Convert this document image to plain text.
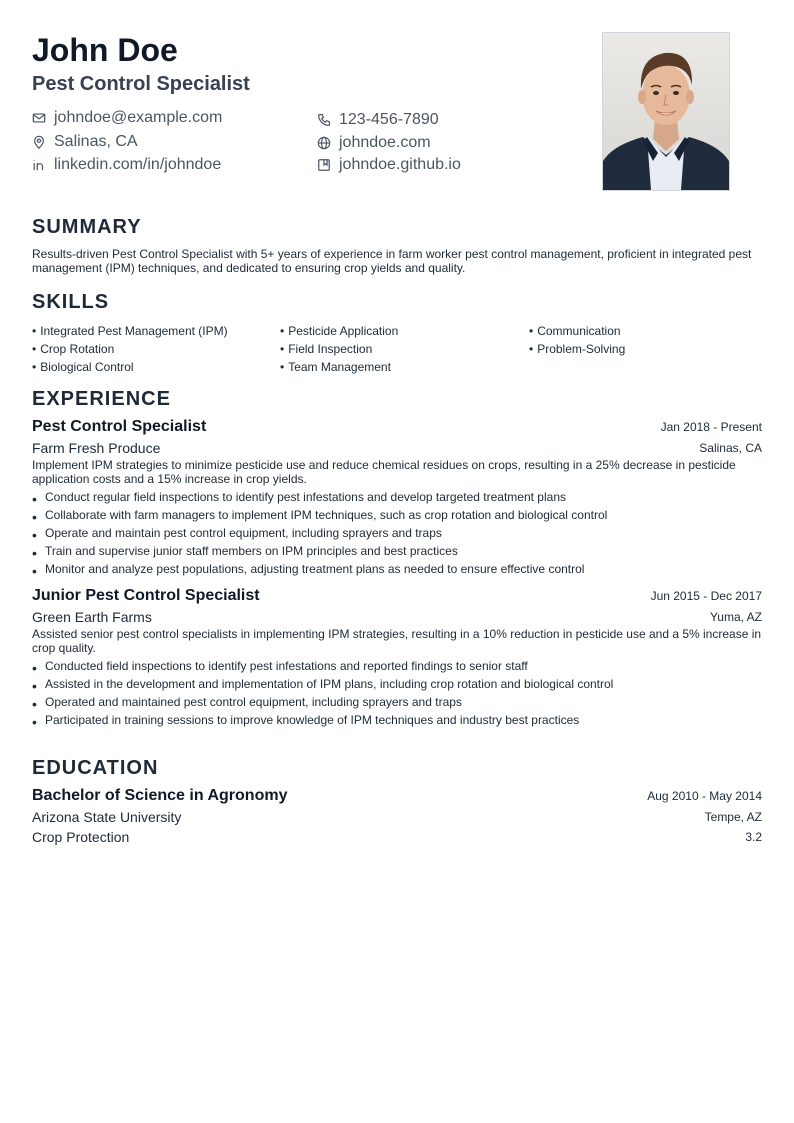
John Doe
Pest Control Specialist
johndoe@example.com	123-456-7890
Salinas, CA	johndoe.com
linkedin.com/in/johndoe	johndoe.github.io
SUMMARY

Results-driven Pest Control Specialist with 5+ years of experience in farm worker pest control management, proficient in integrated pest management (IPM) techniques, and dedicated to ensuring crop yields and quality.

SKILLS
• Integrated Pest Management (IPM)	• Pesticide Application	• Communication
• Crop Rotation	• Field Inspection	• Problem-Solving
• Biological Control	• Team Management
EXPERIENCE
Pest Control Specialist	Jan 2018 - Present
Farm Fresh Produce	Salinas, CA

Implement IPM strategies to minimize pesticide use and reduce chemical residues on crops, resulting in a 25% decrease in pesticide application costs and a 15% increase in crop yields.

• Conduct regular field inspections to identify pest infestations and develop targeted treatment plans
• Collaborate with farm managers to implement IPM techniques, such as crop rotation and biological control
• Operate and maintain pest control equipment, including sprayers and traps
• Train and supervise junior staff members on IPM principles and best practices
• Monitor and analyze pest populations, adjusting treatment plans as needed to ensure effective control
Junior Pest Control Specialist	Jun 2015 - Dec 2017
Green Earth Farms	Yuma, AZ

Assisted senior pest control specialists in implementing IPM strategies, resulting in a 10% reduction in pesticide use and a 5% increase in crop quality.

• Conducted field inspections to identify pest infestations and reported findings to senior staff
• Assisted in the development and implementation of IPM plans, including crop rotation and biological control
• Operated and maintained pest control equipment, including sprayers and traps
• Participated in training sessions to improve knowledge of IPM techniques and industry best practices
EDUCATION
Bachelor of Science in Agronomy	Aug 2010 - May 2014
Arizona State University	Tempe, AZ
Crop Protection	3.2
